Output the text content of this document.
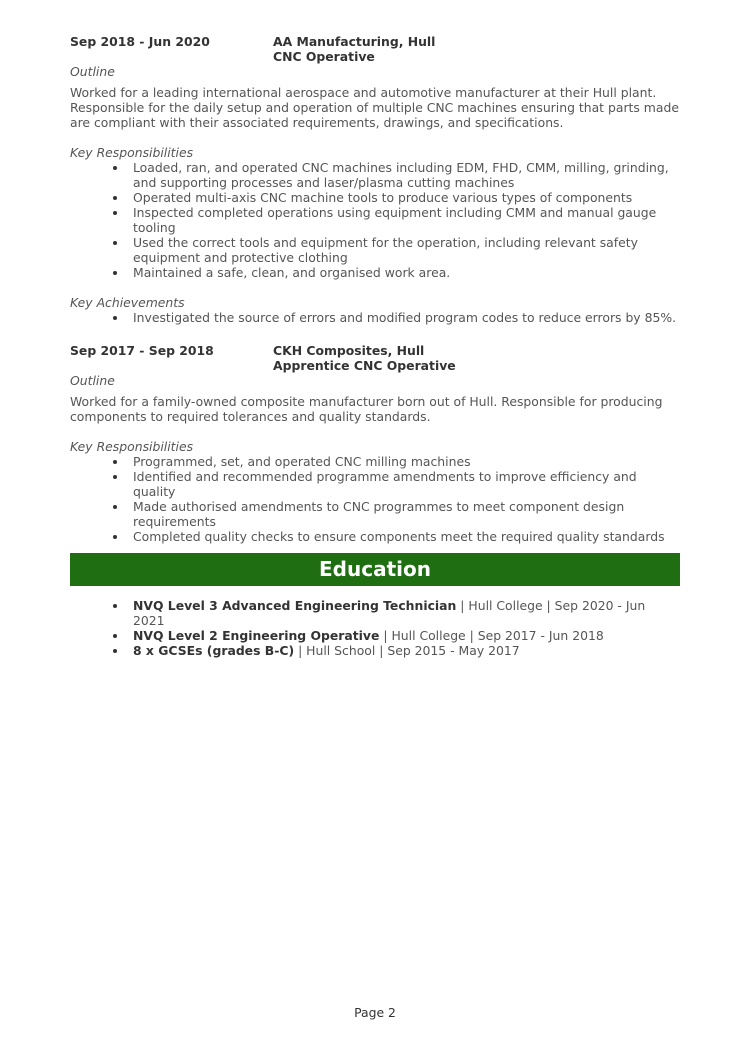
Sep 2018 - Jun 2020	AA Manufacturing, Hull
CNC Operative
Outline

Worked for a leading international aerospace and automotive manufacturer at their Hull plant. Responsible for the daily setup and operation of multiple CNC machines ensuring that parts made are compliant with their associated requirements, drawings, and specifications.

Key Responsibilities
Loaded, ran, and operated CNC machines including EDM, FHD, CMM, milling, grinding, and supporting processes and laser/plasma cutting machines
Operated multi-axis CNC machine tools to produce various types of components
Inspected completed operations using equipment including CMM and manual gauge tooling
Used the correct tools and equipment for the operation, including relevant safety equipment and protective clothing
Maintained a safe, clean, and organised work area.
Key Achievements
Investigated the source of errors and modified program codes to reduce errors by 85%.
Sep 2017 - Sep 2018	CKH Composites, Hull
Apprentice CNC Operative
Outline

Worked for a family-owned composite manufacturer born out of Hull. Responsible for producing components to required tolerances and quality standards.

Key Responsibilities
Programmed, set, and operated CNC milling machines
Identified and recommended programme amendments to improve efficiency and quality
Made authorised amendments to CNC programmes to meet component design requirements
Completed quality checks to ensure components meet the required quality standards
Education
NVQ Level 3 Advanced Engineering Technician | Hull College | Sep 2020 - Jun 2021
NVQ Level 2 Engineering Operative | Hull College | Sep 2017 - Jun 2018
8 x GCSEs (grades B-C) | Hull School | Sep 2015 - May 2017
Page 2
